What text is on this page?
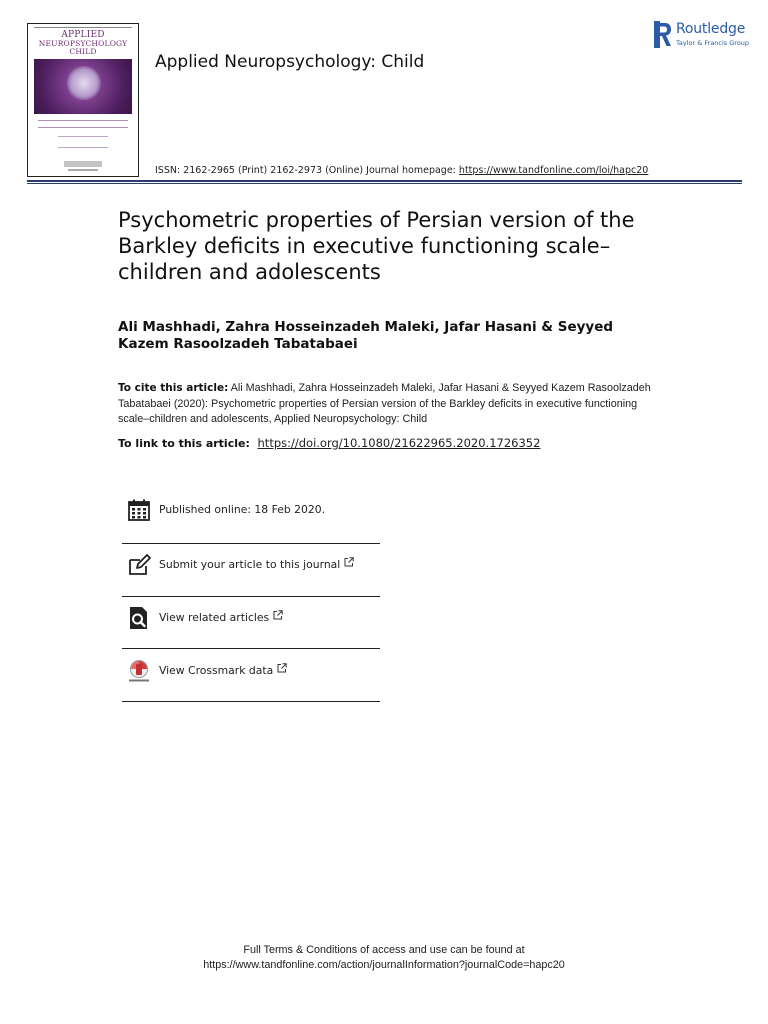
APPLIED
NEUROPSYCHOLOGY
CHILD
Applied Neuropsychology: Child
ISSN: 2162-2965 (Print) 2162-2973 (Online) Journal homepage: https://www.tandfonline.com/loi/hapc20
Routledge
Taylor & Francis Group
Psychometric properties of Persian version of the Barkley deficits in executive functioning scale–children and adolescents
Ali Mashhadi, Zahra Hosseinzadeh Maleki, Jafar Hasani & Seyyed Kazem Rasoolzadeh Tabatabaei
To cite this article: Ali Mashhadi, Zahra Hosseinzadeh Maleki, Jafar Hasani & Seyyed Kazem Rasoolzadeh Tabatabaei (2020): Psychometric properties of Persian version of the Barkley deficits in executive functioning scale–children and adolescents, Applied Neuropsychology: Child
To link to this article: https://doi.org/10.1080/21622965.2020.1726352
Published online: 18 Feb 2020.
Submit your article to this journal
View related articles
View Crossmark data
Full Terms & Conditions of access and use can be found at
https://www.tandfonline.com/action/journalInformation?journalCode=hapc20
